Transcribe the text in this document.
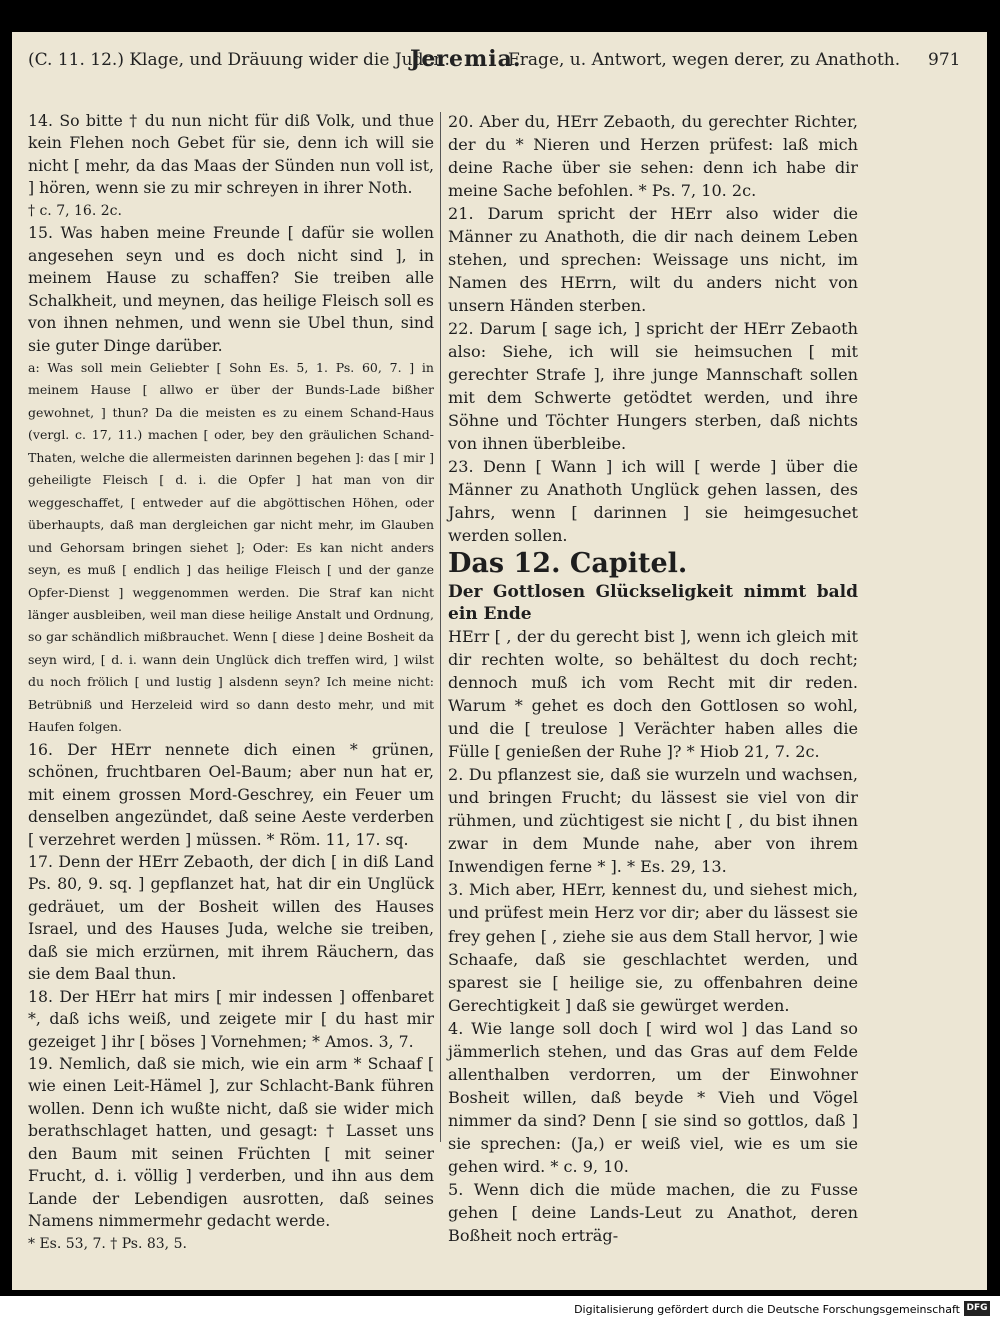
(C. 11. 12.) Klage, und Dräuung wider die Juden.
Jeremia.
Frage, u. Antwort, wegen derer, zu Anathoth. 971

14. So bitte † du nun nicht für diß Volk, und thue kein Flehen noch Gebet für sie, denn ich will sie nicht [ mehr, da das Maas der Sünden nun voll ist, ] hören, wenn sie zu mir schreyen in ihrer Noth.

† c. 7, 16. 2c.

15. Was haben meine Freunde [ dafür sie wollen angesehen seyn und es doch nicht sind ], in meinem Hause zu schaffen? Sie treiben alle Schalkheit, und meynen, das heilige Fleisch soll es von ihnen nehmen, und wenn sie Ubel thun, sind sie guter Dinge darüber.

a: Was soll mein Geliebter [ Sohn Es. 5, 1. Ps. 60, 7. ] in meinem Hause [ allwo er über der Bunds-Lade bißher gewohnet, ] thun? Da die meisten es zu einem Schand-Haus (vergl. c. 17, 11.) machen [ oder, bey den gräulichen Schand-Thaten, welche die allermeisten darinnen begehen ]: das [ mir ] geheiligte Fleisch [ d. i. die Opfer ] hat man von dir weggeschaffet, [ entweder auf die abgöttischen Höhen, oder überhaupts, daß man dergleichen gar nicht mehr, im Glauben und Gehorsam bringen siehet ]; Oder: Es kan nicht anders seyn, es muß [ endlich ] das heilige Fleisch [ und der ganze Opfer-Dienst ] weggenommen werden. Die Straf kan nicht länger ausbleiben, weil man diese heilige Anstalt und Ordnung, so gar schändlich mißbrauchet. Wenn [ diese ] deine Bosheit da seyn wird, [ d. i. wann dein Unglück dich treffen wird, ] wilst du noch frölich [ und lustig ] alsdenn seyn? Ich meine nicht: Betrübniß und Herzeleid wird so dann desto mehr, und mit Haufen folgen.

16. Der HErr nennete dich einen * grünen, schönen, fruchtbaren Oel-Baum; aber nun hat er, mit einem grossen Mord-Geschrey, ein Feuer um denselben angezündet, daß seine Aeste verderben [ verzehret werden ] müssen. * Röm. 11, 17. sq.

17. Denn der HErr Zebaoth, der dich [ in diß Land Ps. 80, 9. sq. ] gepflanzet hat, hat dir ein Unglück gedräuet, um der Bosheit willen des Hauses Israel, und des Hauses Juda, welche sie treiben, daß sie mich erzürnen, mit ihrem Räuchern, das sie dem Baal thun.

18. Der HErr hat mirs [ mir indessen ] offenbaret *, daß ichs weiß, und zeigete mir [ du hast mir gezeiget ] ihr [ böses ] Vornehmen; * Amos. 3, 7.

19. Nemlich, daß sie mich, wie ein arm * Schaaf [ wie einen Leit-Hämel ], zur Schlacht-Bank führen wollen. Denn ich wußte nicht, daß sie wider mich berathschlaget hatten, und gesagt: † Lasset uns den Baum mit seinen Früchten [ mit seiner Frucht, d. i. völlig ] verderben, und ihn aus dem Lande der Lebendigen ausrotten, daß seines Namens nimmermehr gedacht werde.

* Es. 53, 7. † Ps. 83, 5.

20. Aber du, HErr Zebaoth, du gerechter Richter, der du * Nieren und Herzen prüfest: laß mich deine Rache über sie sehen: denn ich habe dir meine Sache befohlen. * Ps. 7, 10. 2c.

21. Darum spricht der HErr also wider die Männer zu Anathoth, die dir nach deinem Leben stehen, und sprechen: Weissage uns nicht, im Namen des HErrn, wilt du anders nicht von unsern Händen sterben.

22. Darum [ sage ich, ] spricht der HErr Zebaoth also: Siehe, ich will sie heimsuchen [ mit gerechter Strafe ], ihre junge Mannschaft sollen mit dem Schwerte getödtet werden, und ihre Söhne und Töchter Hungers sterben, daß nichts von ihnen überbleibe.

23. Denn [ Wann ] ich will [ werde ] über die Männer zu Anathoth Unglück gehen lassen, des Jahrs, wenn [ darinnen ] sie heimgesuchet werden sollen.

Das 12. Capitel.

Der Gottlosen Glückseligkeit nimmt bald ein Ende

HErr [ , der du gerecht bist ], wenn ich gleich mit dir rechten wolte, so behältest du doch recht; dennoch muß ich vom Recht mit dir reden. Warum * gehet es doch den Gottlosen so wohl, und die [ treulose ] Verächter haben alles die Fülle [ genießen der Ruhe ]? * Hiob 21, 7. 2c.

2. Du pflanzest sie, daß sie wurzeln und wachsen, und bringen Frucht; du lässest sie viel von dir rühmen, und züchtigest sie nicht [ , du bist ihnen zwar in dem Munde nahe, aber von ihrem Inwendigen ferne * ]. * Es. 29, 13.

3. Mich aber, HErr, kennest du, und siehest mich, und prüfest mein Herz vor dir; aber du lässest sie frey gehen [ , ziehe sie aus dem Stall hervor, ] wie Schaafe, daß sie geschlachtet werden, und sparest sie [ heilige sie, zu offenbahren deine Gerechtigkeit ] daß sie gewürget werden.

4. Wie lange soll doch [ wird wol ] das Land so jämmerlich stehen, und das Gras auf dem Felde allenthalben verdorren, um der Einwohner Bosheit willen, daß beyde * Vieh und Vögel nimmer da sind? Denn [ sie sind so gottlos, daß ] sie sprechen: (Ja,) er weiß viel, wie es um sie gehen wird. * c. 9, 10.

5. Wenn dich die müde machen, die zu Fusse gehen [ deine Lands-Leut zu Anathot, deren Boßheit noch erträg-

Digitalisierung gefördert durch die Deutsche Forschungsgemeinschaft DFG
